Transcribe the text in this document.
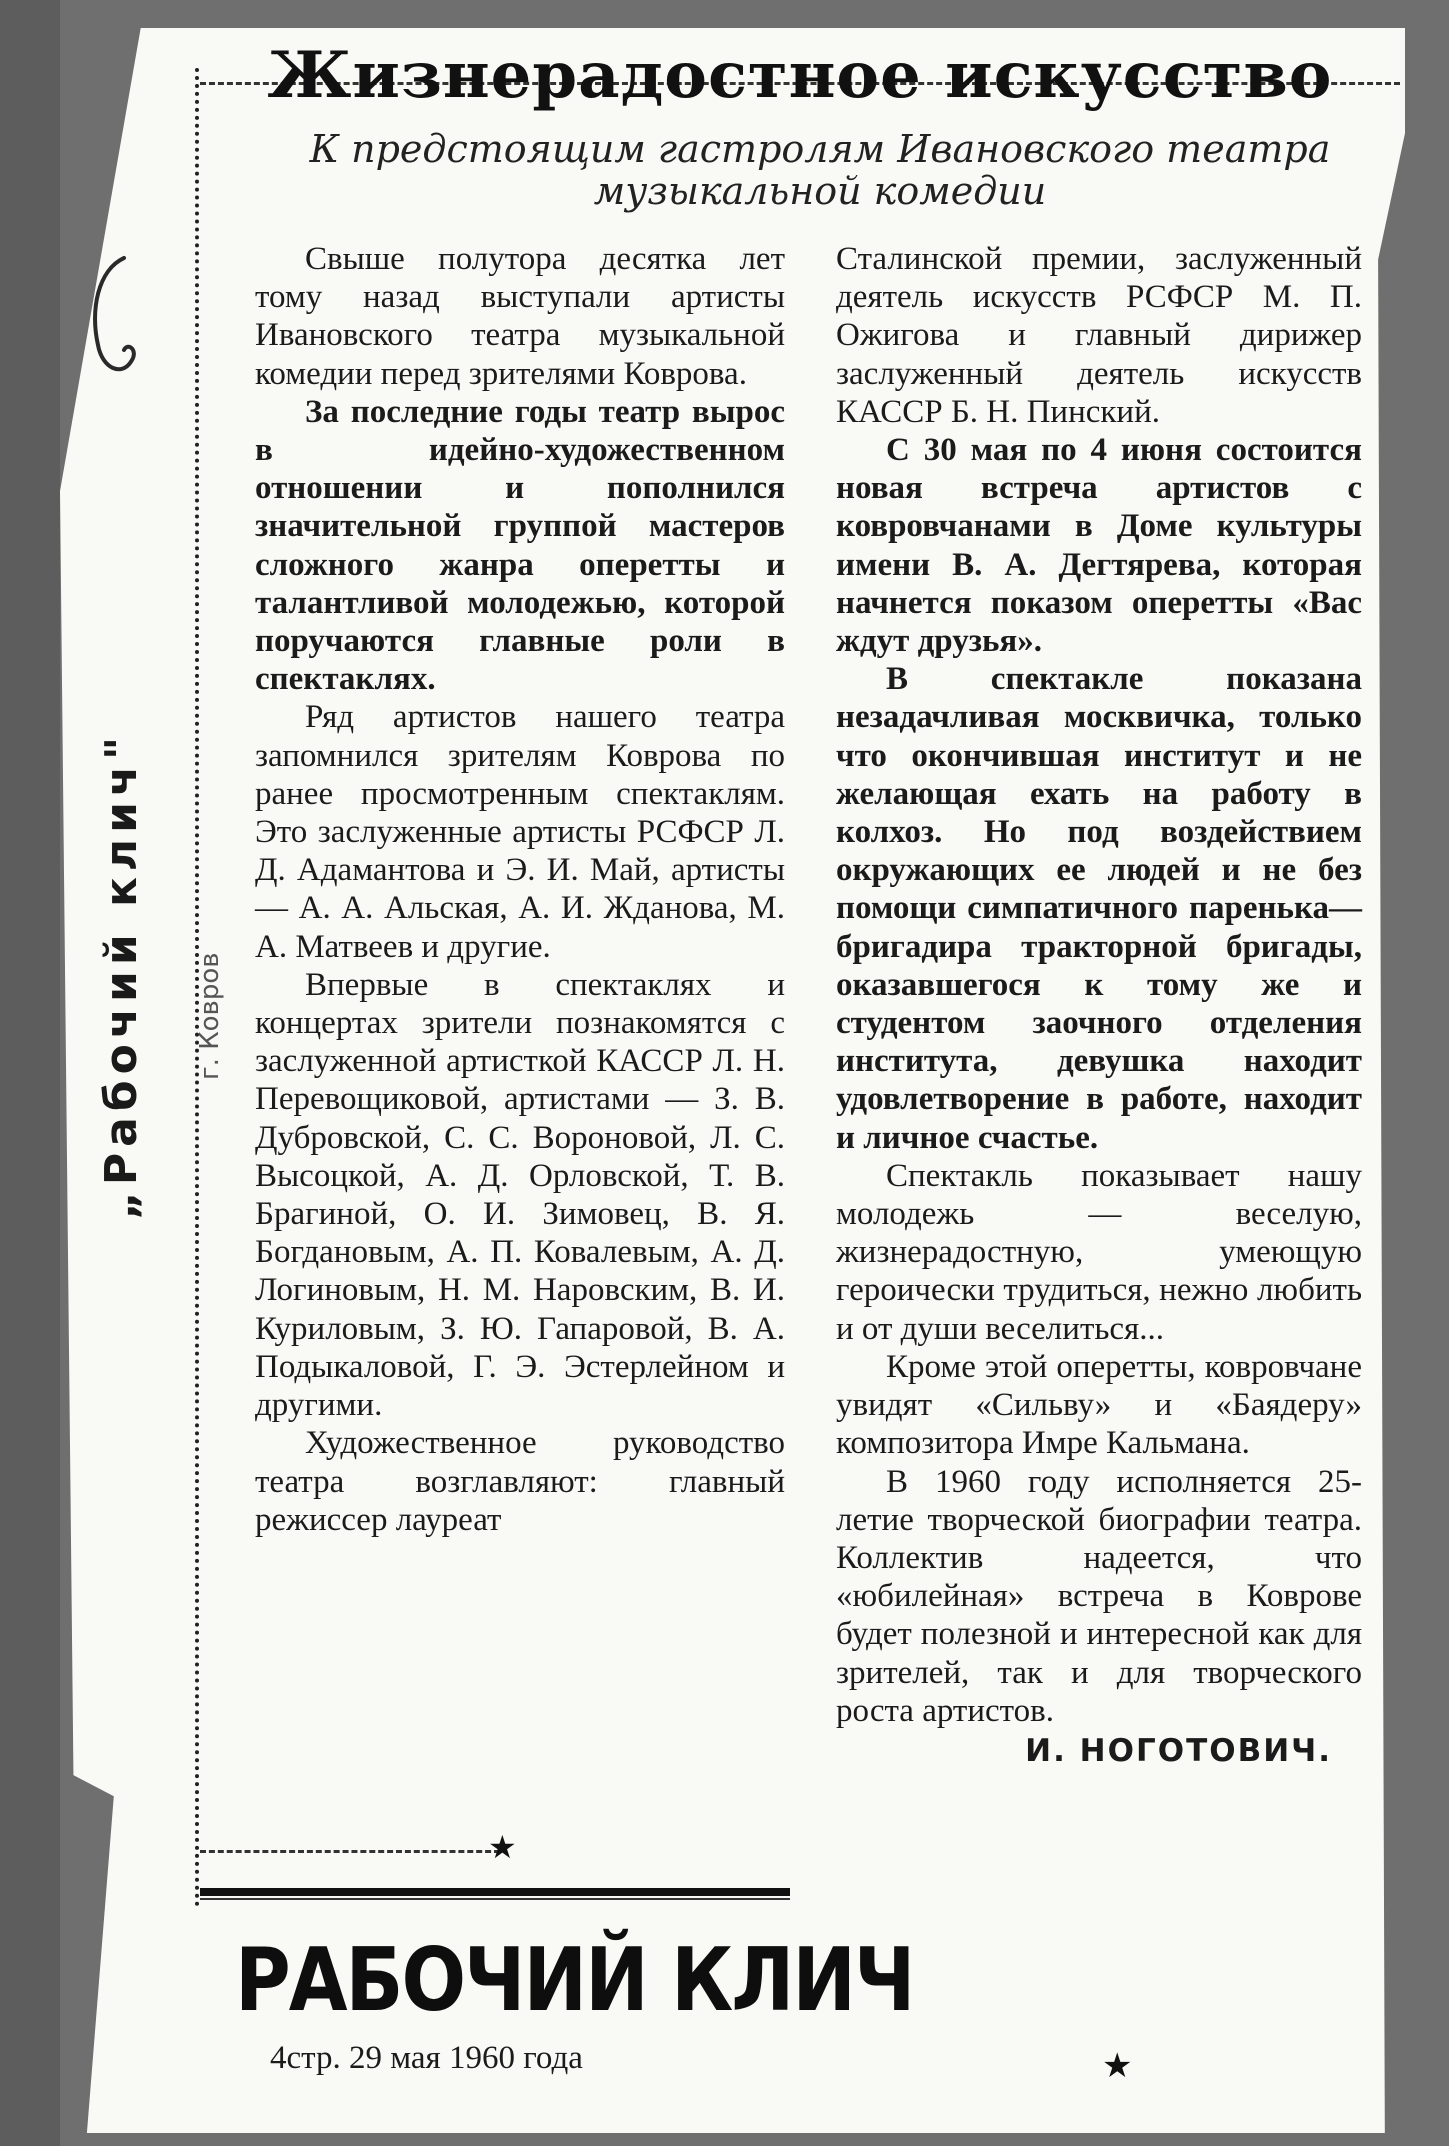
„Рабочий клич"	г. Ковров
Жизнерадостное искусство
К предстоящим гастролям Ивановского театра музыкальной комедии

Свыше полутора десятка лет тому назад выступали артисты Ивановского театра музыкальной комедии перед зрителями Коврова.

За последние годы театр вырос в идейно-художественном отношении и пополнился значительной группой мастеров сложного жанра оперетты и талантливой молодежью, которой поручаются главные роли в спектаклях.

Ряд артистов нашего театра запомнился зрителям Коврова по ранее просмотренным спектаклям. Это заслуженные артисты РСФСР Л. Д. Адамантова и Э. И. Май, артисты — А. А. Альская, А. И. Жданова, М. А. Матвеев и другие.

Впервые в спектаклях и концертах зрители познакомятся с заслуженной артисткой КАССР Л. Н. Перевощиковой, артистами — З. В. Дубровской, С. С. Вороновой, Л. С. Высоцкой, А. Д. Орловской, Т. В. Брагиной, О. И. Зимовец, В. Я. Богдановым, А. П. Ковалевым, А. Д. Логиновым, Н. М. Наровским, В. И. Куриловым, З. Ю. Гапаровой, В. А. Подыкаловой, Г. Э. Эстерлейном и другими.

Художественное руководство театра возглавляют: главный режиссер лауреат

Сталинской премии, заслуженный деятель искусств РСФСР М. П. Ожигова и главный дирижер заслуженный деятель искусств КАССР Б. Н. Пинский.

С 30 мая по 4 июня состоится новая встреча артистов с ковровчанами в Доме культуры имени В. А. Дегтярева, которая начнется показом оперетты «Вас ждут друзья».

В спектакле показана незадачливая москвичка, только что окончившая институт и не желающая ехать на работу в колхоз. Но под воздействием окружающих ее людей и не без помощи симпатичного паренька—бригадира тракторной бригады, оказавшегося к тому же и студентом заочного отделения института, девушка находит удовлетворение в работе, находит и личное счастье.

Спектакль показывает нашу молодежь — веселую, жизнерадостную, умеющую героически трудиться, нежно любить и от души веселиться...

Кроме этой оперетты, ковровчане увидят «Сильву» и «Баядеру» композитора Имре Кальмана.

В 1960 году исполняется 25-летие творческой биографии театра. Коллектив надеется, что «юбилейная» встреча в Коврове будет полезной и интересной как для зрителей, так и для творческого роста артистов.

И. НОГОТОВИЧ.
★
★
РАБОЧИЙ КЛИЧ
4стр. 29 мая 1960 года
